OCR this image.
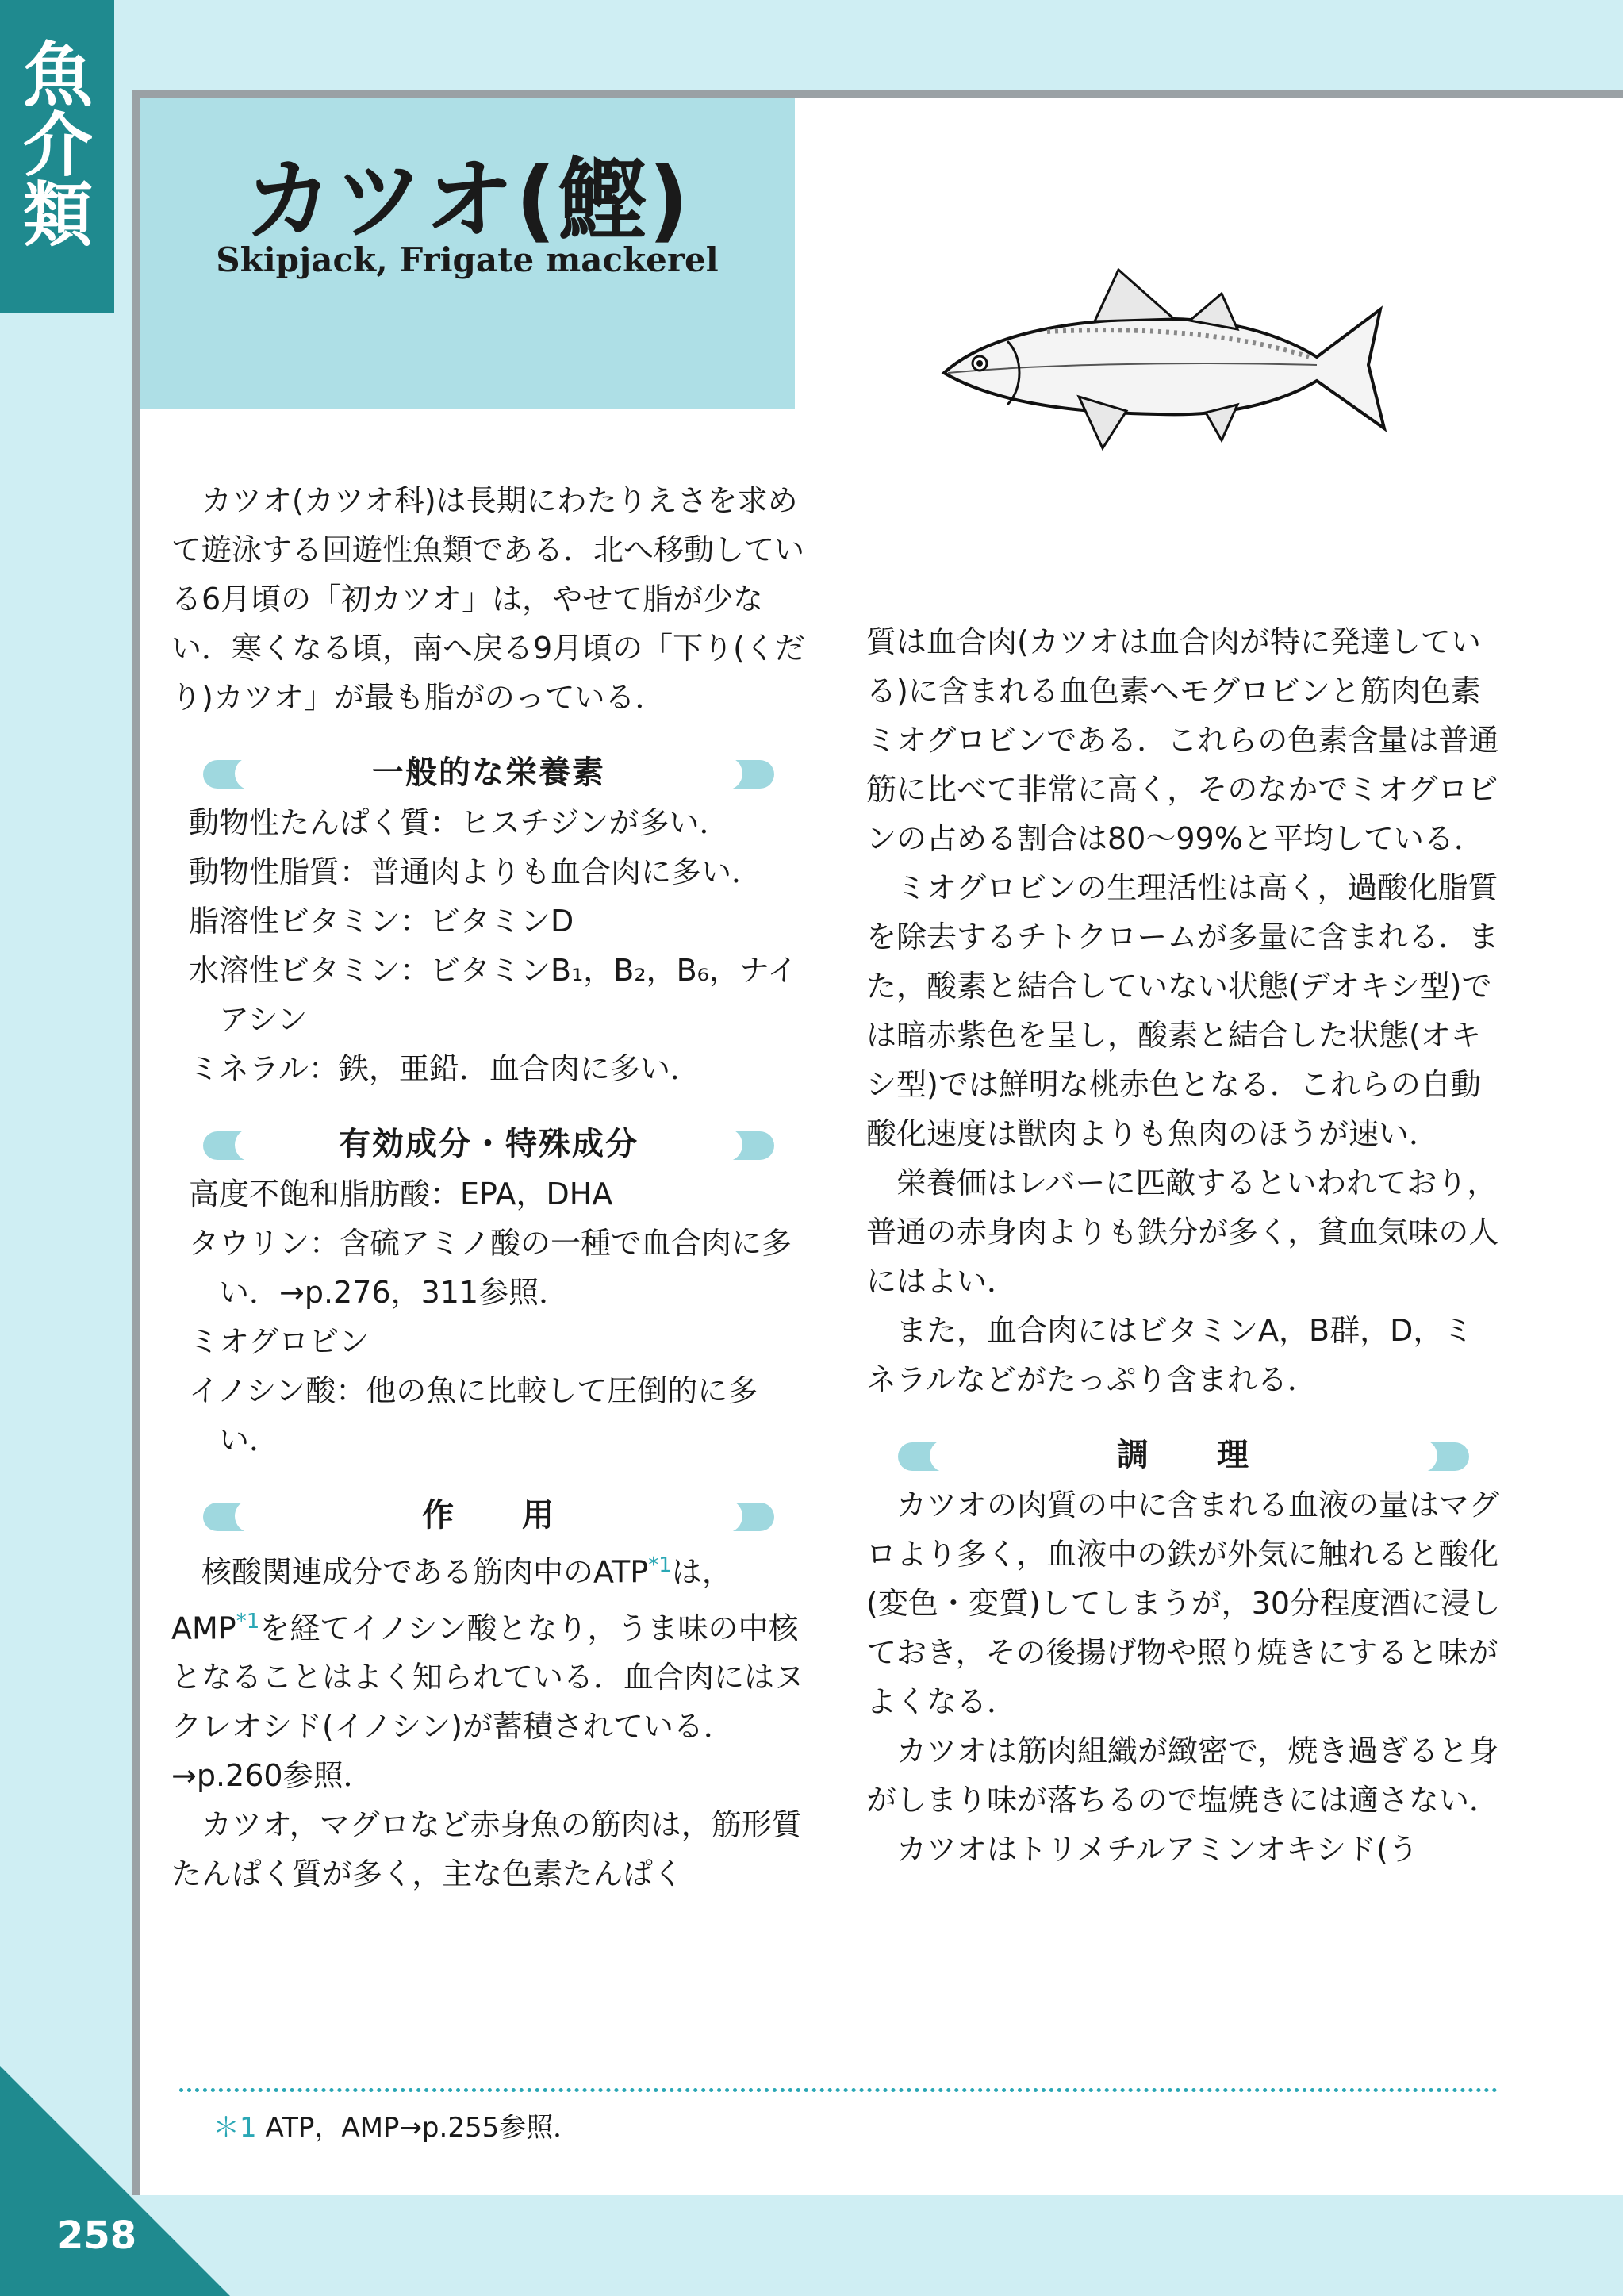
魚介類
258
カツオ(鰹)
Skipjack, Frigate mackerel

カツオ(カツオ科)は長期にわたりえさを求めて遊泳する回遊性魚類である．北へ移動している6月頃の「初カツオ」は，やせて脂が少ない．寒くなる頃，南へ戻る9月頃の「下り(くだり)カツオ」が最も脂がのっている．

一般的な栄養素
動物性たんぱく質：ヒスチジンが多い．
動物性脂質：普通肉よりも血合肉に多い．
脂溶性ビタミン：ビタミンD
水溶性ビタミン：ビタミンB₁，B₂，B₆，ナイアシン
ミネラル：鉄，亜鉛．血合肉に多い．
有効成分・特殊成分
高度不飽和脂肪酸：EPA，DHA
タウリン：含硫アミノ酸の一種で血合肉に多い．→p.276，311参照．
ミオグロビン
イノシン酸：他の魚に比較して圧倒的に多い．
作　　用

核酸関連成分である筋肉中のATP$^{*1}$は，AMP$^{*1}$を経てイノシン酸となり，うま味の中核となることはよく知られている．血合肉にはヌクレオシド(イノシン)が蓄積されている．→p.260参照．

カツオ，マグロなど赤身魚の筋肉は，筋形質たんぱく質が多く，主な色素たんぱく

質は血合肉(カツオは血合肉が特に発達している)に含まれる血色素ヘモグロビンと筋肉色素ミオグロビンである．これらの色素含量は普通筋に比べて非常に高く，そのなかでミオグロビンの占める割合は80〜99%と平均している．

ミオグロビンの生理活性は高く，過酸化脂質を除去するチトクロームが多量に含まれる．また，酸素と結合していない状態(デオキシ型)では暗赤紫色を呈し，酸素と結合した状態(オキシ型)では鮮明な桃赤色となる．これらの自動酸化速度は獣肉よりも魚肉のほうが速い．

栄養価はレバーに匹敵するといわれており，普通の赤身肉よりも鉄分が多く，貧血気味の人にはよい．

また，血合肉にはビタミンA，B群，D，ミネラルなどがたっぷり含まれる．

調　　理

カツオの肉質の中に含まれる血液の量はマグロより多く，血液中の鉄が外気に触れると酸化(変色・変質)してしまうが，30分程度酒に浸しておき，その後揚げ物や照り焼きにすると味がよくなる．

カツオは筋肉組織が緻密で，焼き過ぎると身がしまり味が落ちるので塩焼きには適さない．

カツオはトリメチルアミンオキシド(う

＊1 ATP，AMP→p.255参照．
